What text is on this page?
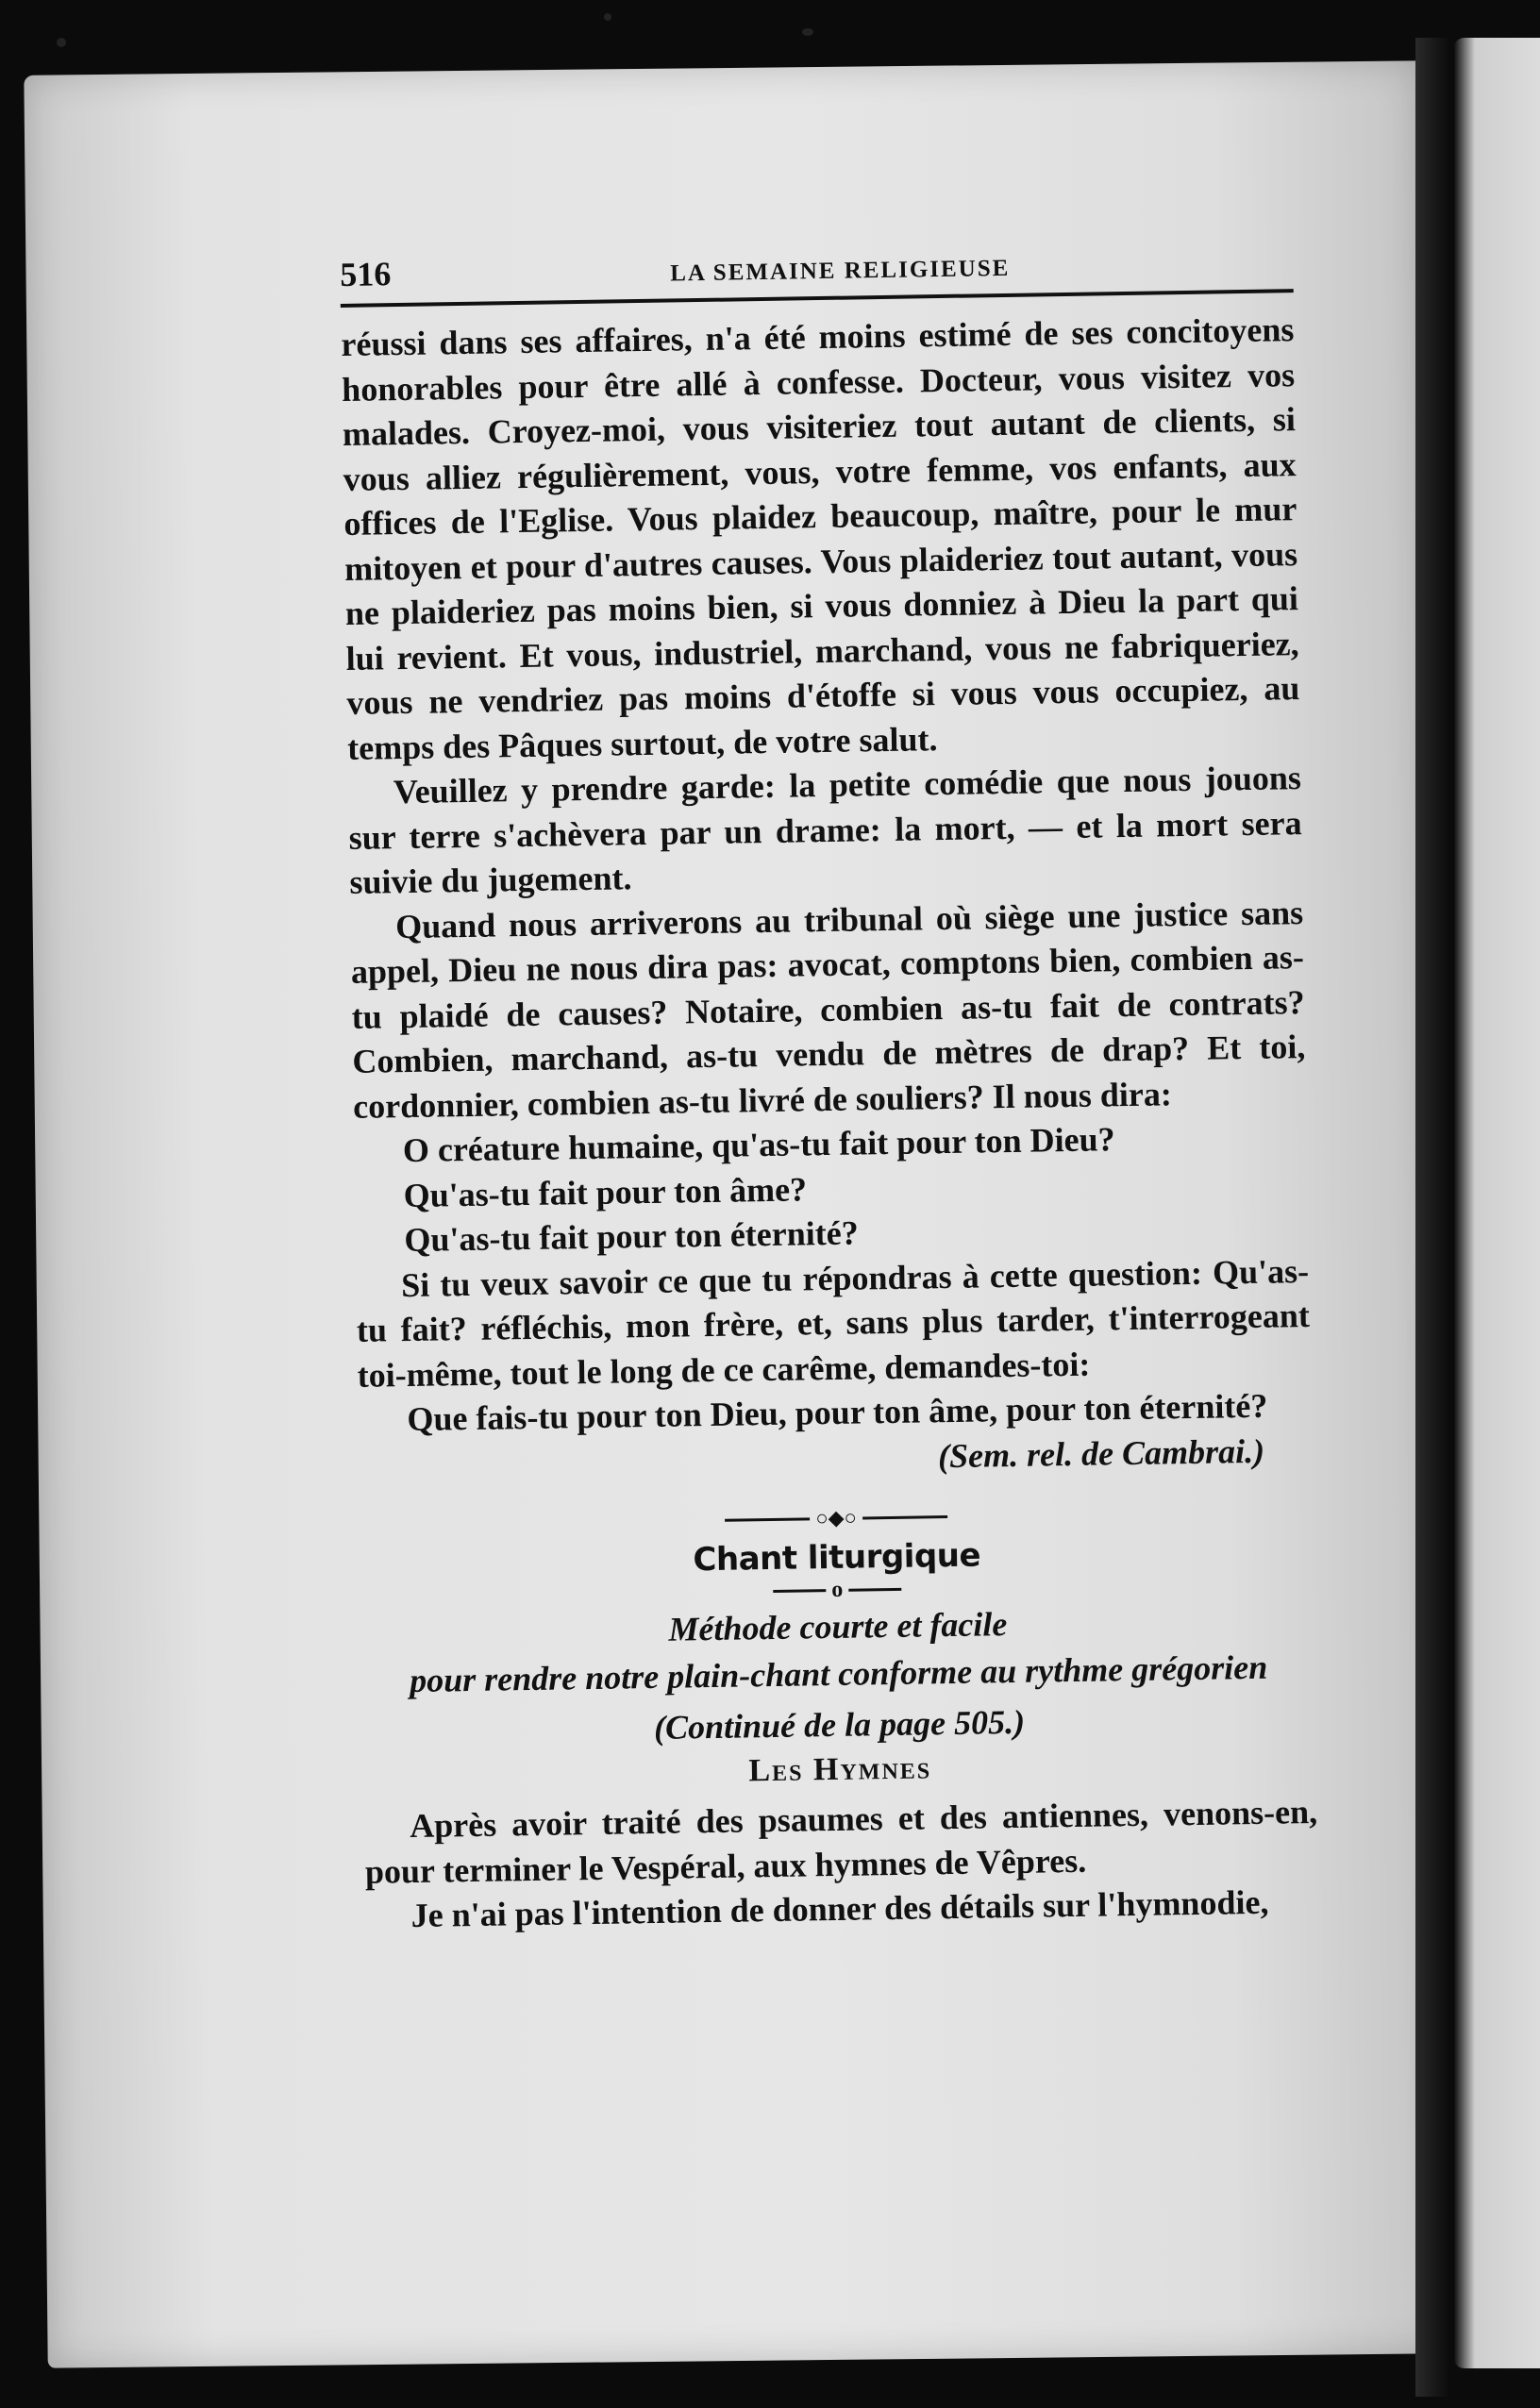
516	LA SEMAINE RELIGIEUSE

réussi dans ses affaires, n'a été moins estimé de ses concitoyens honorables pour être allé à confesse. Docteur, vous visitez vos malades. Croyez-moi, vous visiteriez tout autant de clients, si vous alliez régulièrement, vous, votre femme, vos enfants, aux offices de l'Eglise. Vous plaidez beaucoup, maître, pour le mur mitoyen et pour d'autres causes. Vous plaideriez tout autant, vous ne plaideriez pas moins bien, si vous donniez à Dieu la part qui lui revient. Et vous, industriel, marchand, vous ne fabriqueriez, vous ne vendriez pas moins d'étoffe si vous vous occupiez, au temps des Pâques surtout, de votre salut.

Veuillez y prendre garde: la petite comédie que nous jouons sur terre s'achèvera par un drame: la mort, — et la mort sera suivie du jugement.

Quand nous arriverons au tribunal où siège une justice sans appel, Dieu ne nous dira pas: avocat, comptons bien, combien as-tu plaidé de causes? Notaire, combien as-tu fait de contrats? Combien, marchand, as-tu vendu de mètres de drap? Et toi, cordonnier, combien as-tu livré de souliers? Il nous dira:

O créature humaine, qu'as-tu fait pour ton Dieu?

Qu'as-tu fait pour ton âme?

Qu'as-tu fait pour ton éternité?

Si tu veux savoir ce que tu répondras à cette question: Qu'as-tu fait? réfléchis, mon frère, et, sans plus tarder, t'interrogeant toi-même, tout le long de ce carême, demandes-toi:

Que fais-tu pour ton Dieu, pour ton âme, pour ton éternité?

(Sem. rel. de Cambrai.)

○◆○

Chant liturgique

o

Méthode courte et facile

pour rendre notre plain-chant conforme au rythme grégorien

(Continué de la page 505.)

Les Hymnes

Après avoir traité des psaumes et des antiennes, venons-en, pour terminer le Vespéral, aux hymnes de Vêpres.

Je n'ai pas l'intention de donner des détails sur l'hymnodie,
